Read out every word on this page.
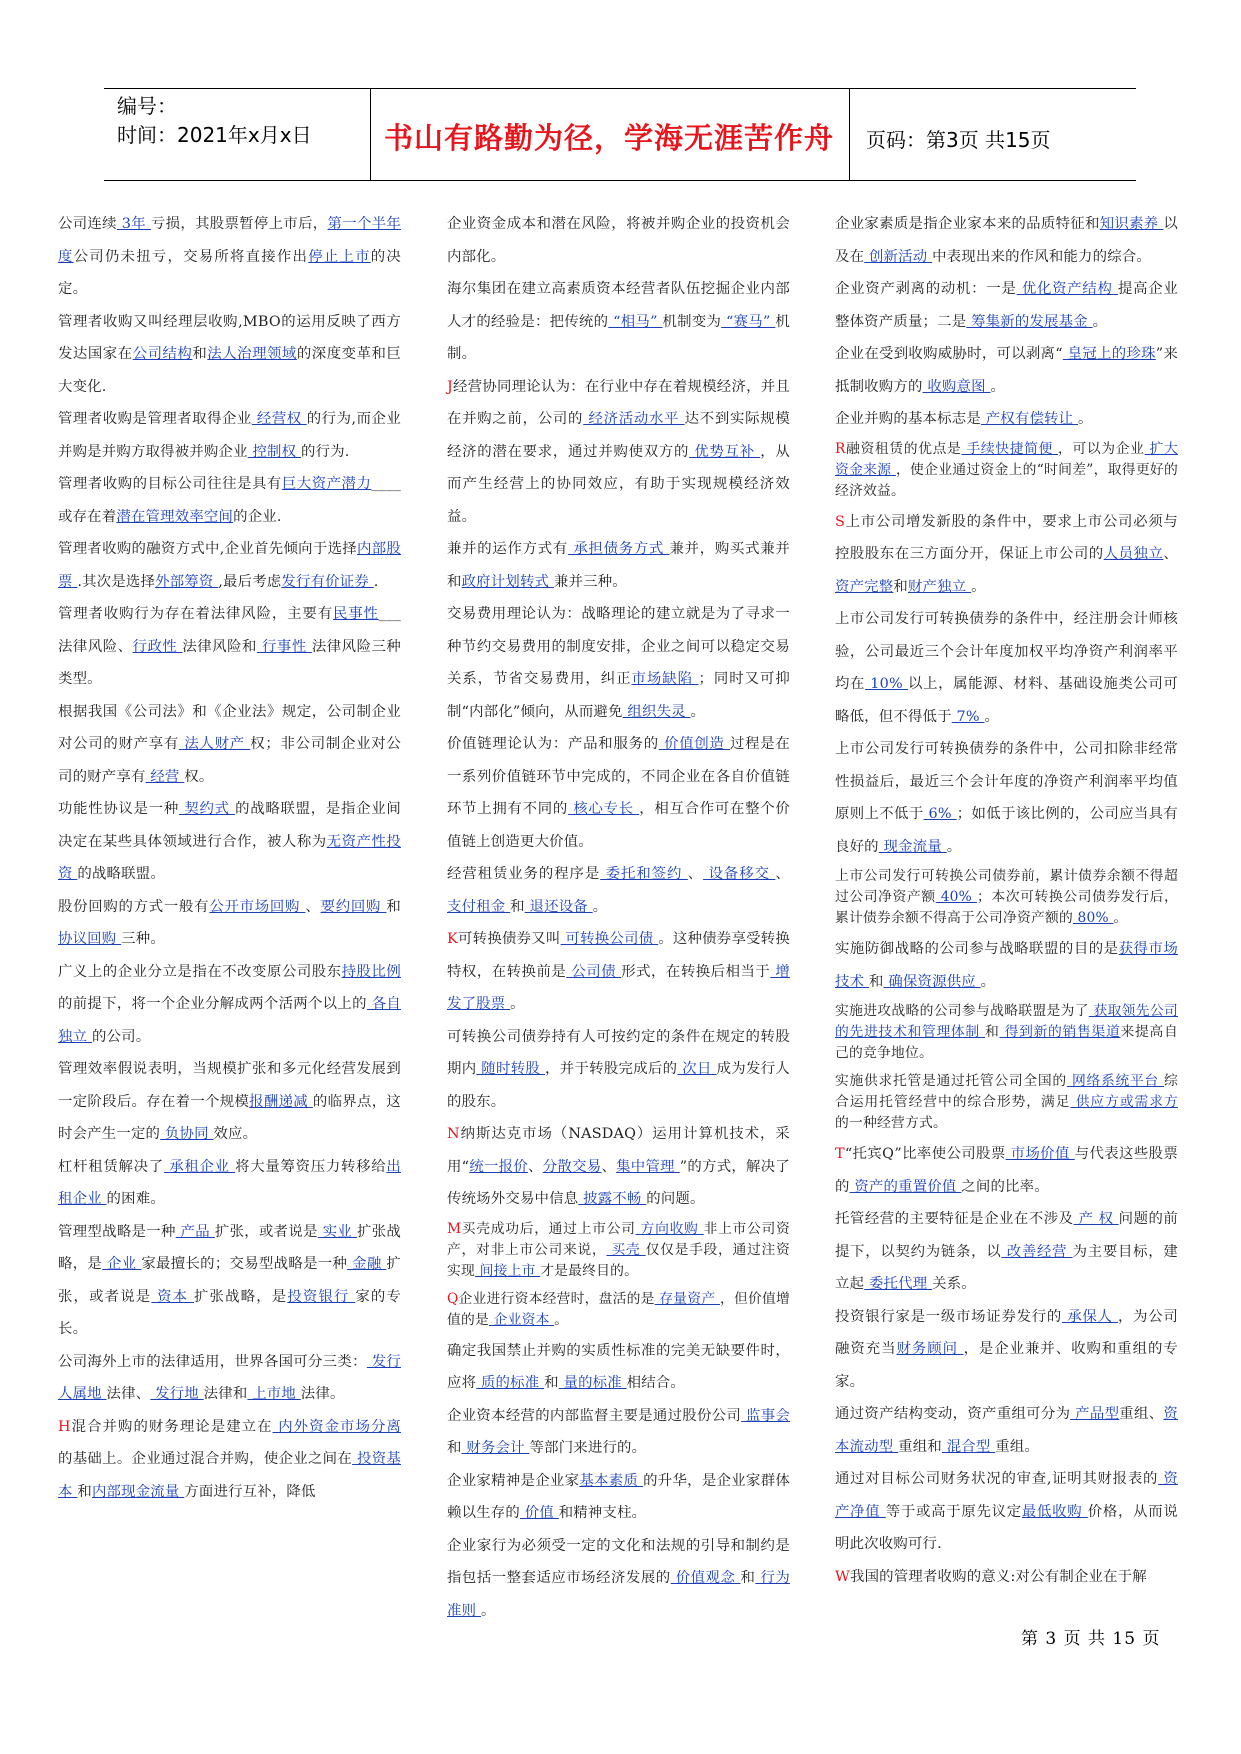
编号：
时间：2021年x月x日	书山有路勤为径，学海无涯苦作舟	页码：第3页 共15页

公司连续 3年 亏损，其股票暂停上市后，第一个半年度公司仍未扭亏，交易所将直接作出停止上市的决定。

管理者收购又叫经理层收购,MBO的运用反映了西方发达国家在公司结构和法人治理领域的深度变革和巨大变化.

管理者收购是管理者取得企业 经营权 的行为,而企业并购是并购方取得被并购企业 控制权 的行为.

管理者收购的目标公司往往是具有巨大资产潜力____或存在着潜在管理效率空间的企业.

管理者收购的融资方式中,企业首先倾向于选择内部股票 .其次是选择外部筹资 ,最后考虑发行有价证券 .

管理者收购行为存在着法律风险，主要有民事性___法律风险、行政性 法律风险和 行事性 法律风险三种类型。

根据我国《公司法》和《企业法》规定，公司制企业对公司的财产享有 法人财产 权；非公司制企业对公司的财产享有 经营 权。

功能性协议是一种 契约式 的战略联盟，是指企业间决定在某些具体领域进行合作，被人称为无资产性投资 的战略联盟。

股份回购的方式一般有公开市场回购 、要约回购 和 协议回购 三种。

广义上的企业分立是指在不改变原公司股东持股比例的前提下，将一个企业分解成两个活两个以上的 各自独立 的公司。

管理效率假说表明，当规模扩张和多元化经营发展到一定阶段后。存在着一个规模报酬递减 的临界点，这时会产生一定的 负协同 效应。

杠杆租赁解决了 承租企业 将大量筹资压力转移给出租企业 的困难。

管理型战略是一种 产品 扩张，或者说是 实业 扩张战略，是 企业 家最擅长的；交易型战略是一种 金融 扩张，或者说是 资本 扩张战略，是投资银行 家的专长。

公司海外上市的法律适用，世界各国可分三类： 发行人属地 法律、 发行地 法律和 上市地 法律。

H混合并购的财务理论是建立在 内外资金市场分离 的基础上。企业通过混合并购，使企业之间在 投资基本 和内部现金流量 方面进行互补，降低

企业资金成本和潜在风险，将被并购企业的投资机会内部化。

海尔集团在建立高素质资本经营者队伍挖掘企业内部人才的经验是：把传统的 “相马” 机制变为 “赛马” 机制。

J经营协同理论认为：在行业中存在着规模经济，并且在并购之前，公司的 经济活动水平 达不到实际规模经济的潜在要求，通过并购使双方的 优势互补 ，从而产生经营上的协同效应，有助于实现规模经济效益。

兼并的运作方式有 承担债务方式 兼并，购买式兼并和政府计划转式 兼并三种。

交易费用理论认为：战略理论的建立就是为了寻求一种节约交易费用的制度安排，企业之间可以稳定交易关系，节省交易费用，纠正市场缺陷 ；同时又可抑制“内部化”倾向，从而避免 组织失灵 。

价值链理论认为：产品和服务的 价值创造 过程是在一系列价值链环节中完成的，不同企业在各自价值链环节上拥有不同的 核心专长 ，相互合作可在整个价值链上创造更大价值。

经营租赁业务的程序是 委托和签约 、 设备移交 、 支付租金 和 退还设备 。

K可转换债券又叫 可转换公司债 。这种债券享受转换特权，在转换前是 公司债 形式，在转换后相当于 增发了股票 。

可转换公司债券持有人可按约定的条件在规定的转股期内 随时转股 ，并于转股完成后的 次日 成为发行人的股东。

N纳斯达克市场（NASDAQ）运用计算机技术，采用“统一报价、分散交易、集中管理 ”的方式，解决了传统场外交易中信息 披露不畅 的问题。

M买壳成功后，通过上市公司 方向收购 非上市公司资产，对非上市公司来说， 买壳 仅仅是手段，通过注资实现 间接上市 才是最终目的。

Q企业进行资本经营时，盘活的是 存量资产 ，但价值增值的是 企业资本 。

确定我国禁止并购的实质性标准的完美无缺要件时，应将 质的标准 和 量的标准 相结合。

企业资本经营的内部监督主要是通过股份公司 监事会 和 财务会计 等部门来进行的。

企业家精神是企业家基本素质 的升华，是企业家群体赖以生存的 价值 和精神支柱。

企业家行为必须受一定的文化和法规的引导和制约是指包括一整套适应市场经济发展的 价值观念 和 行为准则 。

企业家素质是指企业家本来的品质特征和知识素养 以及在 创新活动 中表现出来的作风和能力的综合。

企业资产剥离的动机：一是 优化资产结构 提高企业整体资产质量；二是 筹集新的发展基金 。

企业在受到收购威胁时，可以剥离“ 皇冠上的珍珠”来抵制收购方的 收购意图 。

企业并购的基本标志是 产权有偿转让 。

R融资租赁的优点是 手续快捷简便 ，可以为企业 扩大资金来源 ，使企业通过资金上的“时间差”，取得更好的经济效益。

S上市公司增发新股的条件中，要求上市公司必须与控股股东在三方面分开，保证上市公司的人员独立、资产完整和财产独立 。

上市公司发行可转换债券的条件中，经注册会计师核验，公司最近三个会计年度加权平均净资产利润率平均在 10% 以上，属能源、材料、基础设施类公司可略低，但不得低于 7% 。

上市公司发行可转换债券的条件中，公司扣除非经常性损益后，最近三个会计年度的净资产利润率平均值原则上不低于 6% ；如低于该比例的，公司应当具有良好的 现金流量 。

上市公司发行可转换公司债券前，累计债券余额不得超过公司净资产额 40% ；本次可转换公司债券发行后，累计债券余额不得高于公司净资产额的 80% 。

实施防御战略的公司参与战略联盟的目的是获得市场技术 和 确保资源供应 。

实施进攻战略的公司参与战略联盟是为了 获取领先公司的先进技术和管理体制 和 得到新的销售渠道来提高自己的竞争地位。

实施供求托管是通过托管公司全国的 网络系统平台 综合运用托管经营中的综合形势，满足 供应方或需求方 的一种经营方式。

T“托宾Q”比率使公司股票 市场价值 与代表这些股票的 资产的重置价值 之间的比率。

托管经营的主要特征是企业在不涉及 产 权 问题的前提下，以契约为链条，以 改善经营 为主要目标，建立起 委托代理 关系。

投资银行家是一级市场证券发行的 承保人 ，为公司融资充当财务顾问 ，是企业兼并、收购和重组的专家。

通过资产结构变动，资产重组可分为 产品型重组、资本流动型 重组和 混合型 重组。

通过对目标公司财务状况的审查,证明其财报表的 资产净值 等于或高于原先议定最低收购 价格，从而说明此次收购可行.

W我国的管理者收购的意义:对公有制企业在于解

第 3 页 共 15 页
